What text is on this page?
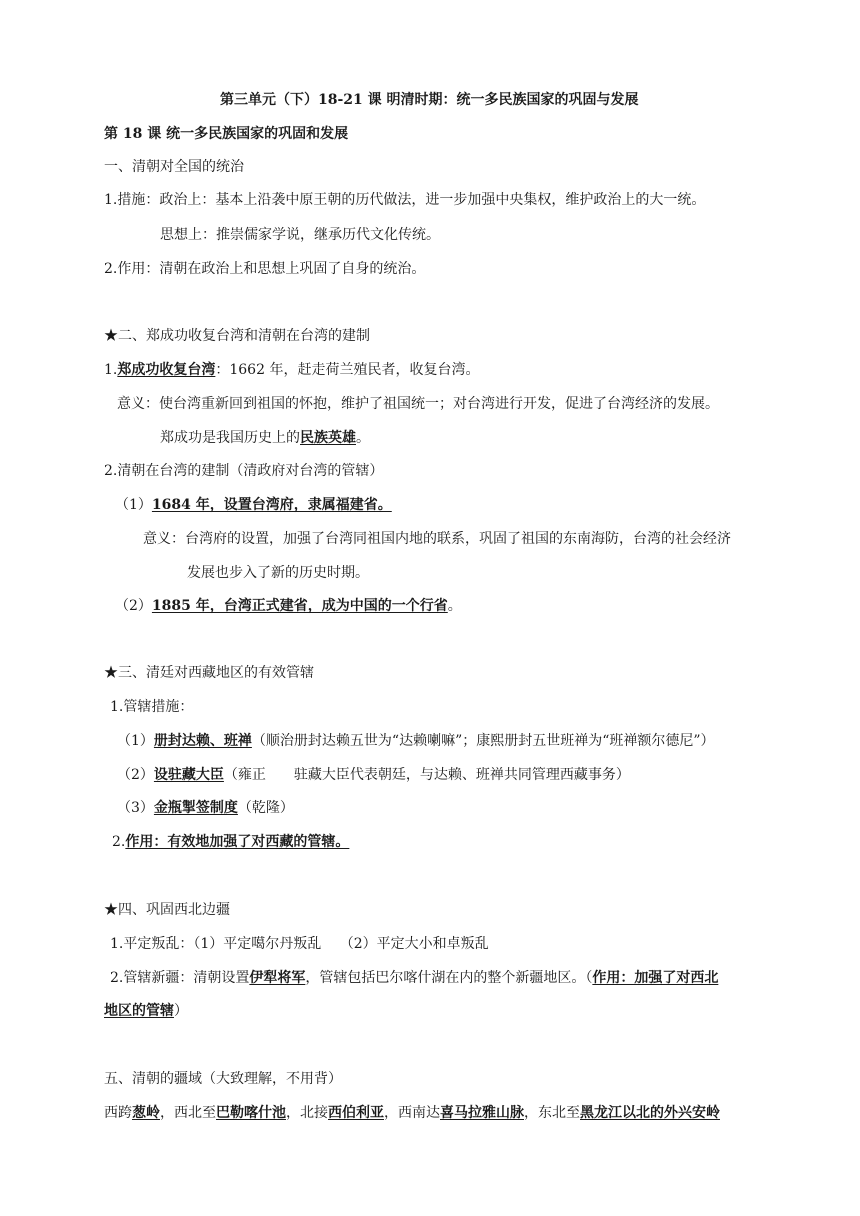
第三单元（下）18-21 课 明清时期：统一多民族国家的巩固与发展
第 18 课 统一多民族国家的巩固和发展
一、清朝对全国的统治
1.措施：政治上：基本上沿袭中原王朝的历代做法，进一步加强中央集权，维护政治上的大一统。
思想上：推崇儒家学说，继承历代文化传统。
2.作用：清朝在政治上和思想上巩固了自身的统治。
★二、郑成功收复台湾和清朝在台湾的建制
1.郑成功收复台湾：1662 年，赶走荷兰殖民者，收复台湾。
意义：使台湾重新回到祖国的怀抱，维护了祖国统一；对台湾进行开发，促进了台湾经济的发展。
郑成功是我国历史上的民族英雄。
2.清朝在台湾的建制（清政府对台湾的管辖）
（1）1684 年，设置台湾府，隶属福建省。
意义：台湾府的设置，加强了台湾同祖国内地的联系，巩固了祖国的东南海防，台湾的社会经济
发展也步入了新的历史时期。
（2）1885 年，台湾正式建省，成为中国的一个行省。
★三、清廷对西藏地区的有效管辖
1.管辖措施：
（1）册封达赖、班禅（顺治册封达赖五世为“达赖喇嘛”；康熙册封五世班禅为“班禅额尔德尼”）
（2）设驻藏大臣（雍正　　驻藏大臣代表朝廷，与达赖、班禅共同管理西藏事务）
（3）金瓶掣签制度（乾隆）
2.作用：有效地加强了对西藏的管辖。
★四、巩固西北边疆
1.平定叛乱：（1）平定噶尔丹叛乱　 （2）平定大小和卓叛乱
2.管辖新疆：清朝设置伊犁将军，管辖包括巴尔喀什湖在内的整个新疆地区。（作用：加强了对西北
地区的管辖）
五、清朝的疆域（大致理解，不用背）
西跨葱岭，西北至巴勒喀什池，北接西伯利亚，西南达喜马拉雅山脉，东北至黑龙江以北的外兴安岭
